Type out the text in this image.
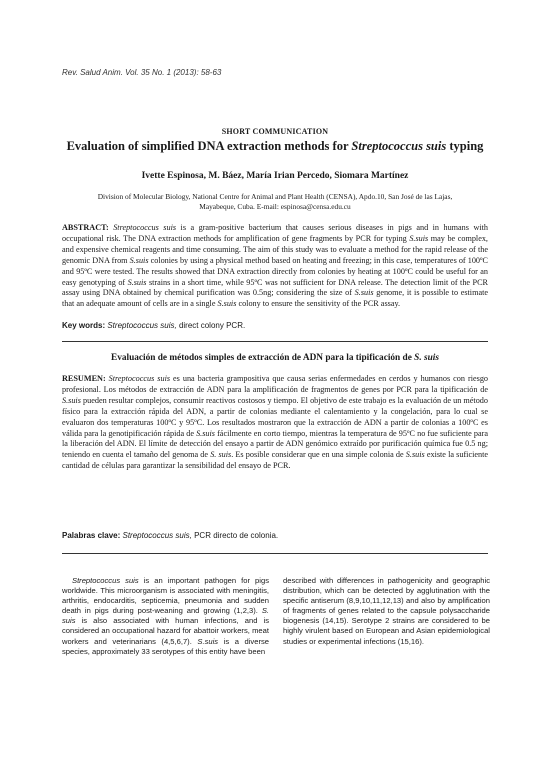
Rev. Salud Anim. Vol. 35 No. 1 (2013): 58-63
SHORT COMMUNICATION
Evaluation of simplified DNA extraction methods for Streptococcus suis typing
Ivette Espinosa, M. Báez, María Irian Percedo, Siomara Martínez
Division of Molecular Biology, National Centre for Animal and Plant Health (CENSA), Apdo.10, San José de las Lajas,
Mayabeque, Cuba. E-mail: espinosa@censa.edu.cu

ABSTRACT: Streptococcus suis is a gram-positive bacterium that causes serious diseases in pigs and in humans with occupational risk. The DNA extraction methods for amplification of gene fragments by PCR for typing S.suis may be complex, and expensive chemical reagents and time consuming. The aim of this study was to evaluate a method for the rapid release of the genomic DNA from S.suis colonies by using a physical method based on heating and freezing; in this case, temperatures of 100ºC and 95ºC were tested. The results showed that DNA extraction directly from colonies by heating at 100ºC could be useful for an easy genotyping of S.suis strains in a short time, while 95ºC was not sufficient for DNA release. The detection limit of the PCR assay using DNA obtained by chemical purification was 0.5ng; considering the size of S.suis genome, it is possible to estimate that an adequate amount of cells are in a single S.suis colony to ensure the sensitivity of the PCR assay.

Key words: Streptococcus suis, direct colony PCR.

Evaluación de métodos simples de extracción de ADN para la tipificación de S. suis

RESUMEN: Streptococcus suis es una bacteria grampositiva que causa serias enfermedades en cerdos y humanos con riesgo profesional. Los métodos de extracción de ADN para la amplificación de fragmentos de genes por PCR para la tipificación de S.suis pueden resultar complejos, consumir reactivos costosos y tiempo. El objetivo de este trabajo es la evaluación de un método físico para la extracción rápida del ADN, a partir de colonias mediante el calentamiento y la congelación, para lo cual se evaluaron dos temperaturas 100ºC y 95ºC. Los resultados mostraron que la extracción de ADN a partir de colonias a 100ºC es válida para la genotipificación rápida de S.suis fácilmente en corto tiempo, mientras la temperatura de 95ºC no fue suficiente para la liberación del ADN. El límite de detección del ensayo a partir de ADN genómico extraído por purificación química fue 0.5 ng; teniendo en cuenta el tamaño del genoma de S. suis. Es posible considerar que en una simple colonia de S.suis existe la suficiente cantidad de células para garantizar la sensibilidad del ensayo de PCR.

Palabras clave: Streptococcus suis, PCR directo de colonia.

Streptococcus suis is an important pathogen for pigs worldwide. This microorganism is associated with meningitis, arthritis, endocarditis, septicemia, pneumonia and sudden death in pigs during post-weaning and growing (1,2,3). S. suis is also associated with human infections, and is considered an occupational hazard for abattoir workers, meat workers and veterinarians (4,5,6,7). S.suis is a diverse species, approximately 33 serotypes of this entity have been

described with differences in pathogenicity and geographic distribution, which can be detected by agglutination with the specific antiserum (8,9,10,11,12,13) and also by amplification of fragments of genes related to the capsule polysaccharide biogenesis (14,15). Serotype 2 strains are considered to be highly virulent based on European and Asian epidemiological studies or experimental infections (15,16).
